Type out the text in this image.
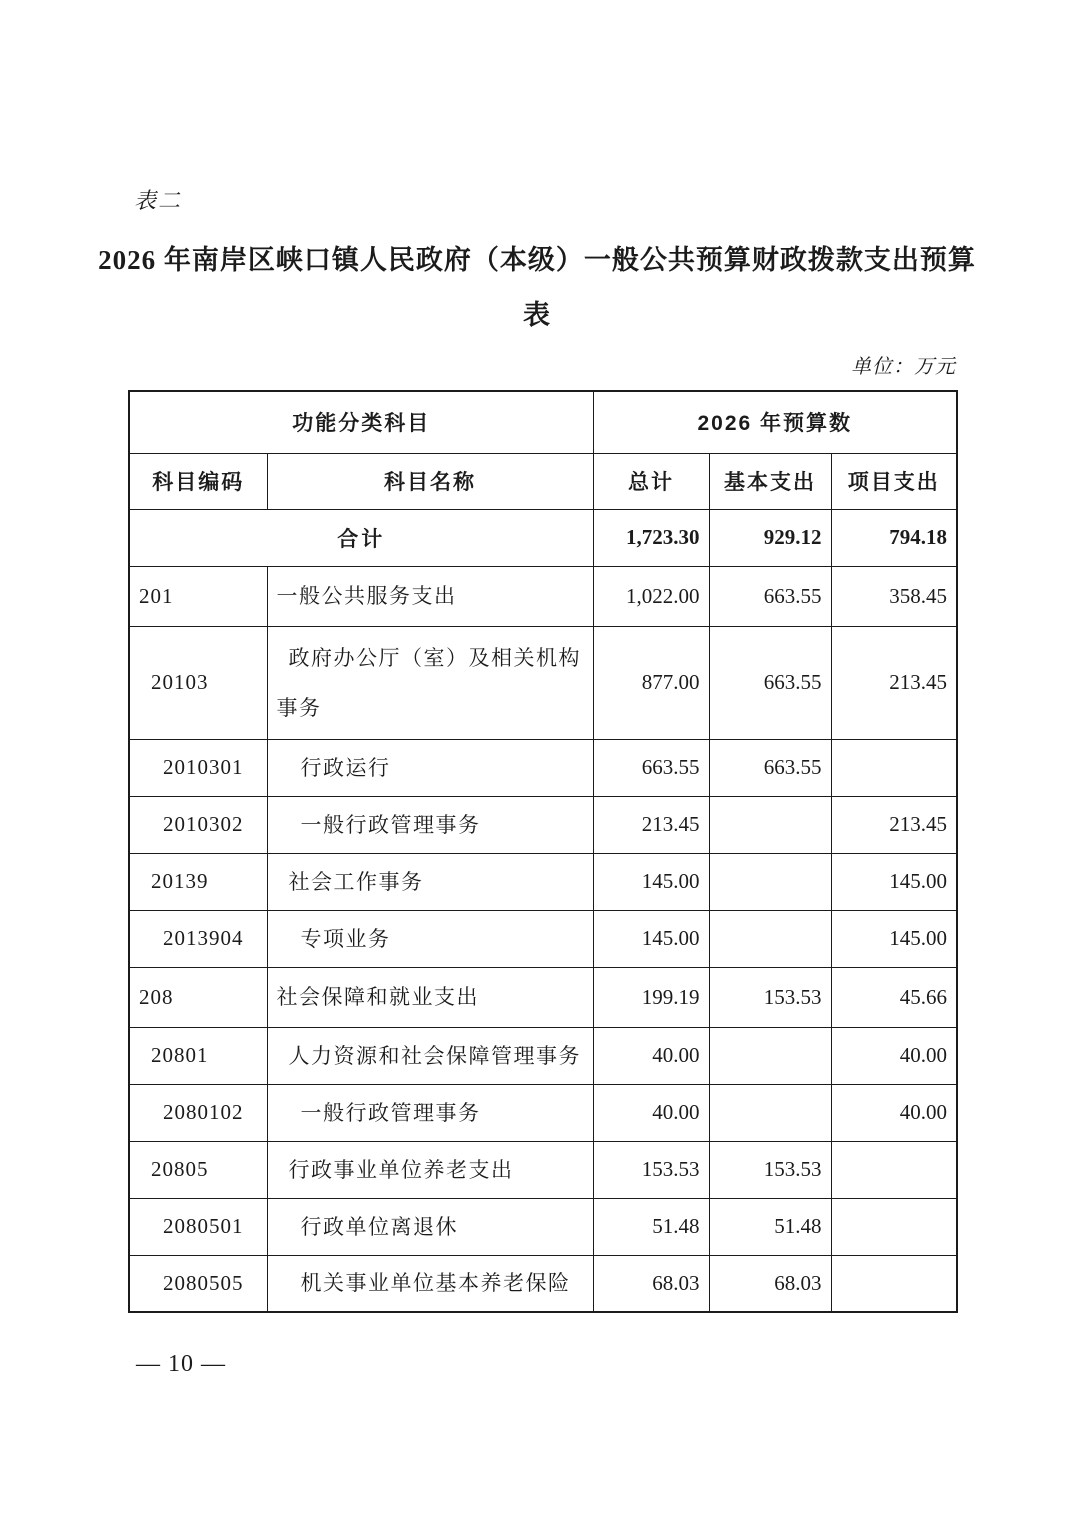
表二
2026 年南岸区峡口镇人民政府（本级）一般公共预算财政拨款支出预算
表
单位：万元
功能分类科目		2026 年预算数		
科目编码	科目名称	总计	基本支出	项目支出
合计		1,723.30	929.12	794.18
201	一般公共服务支出	1,022.00	663.55	358.45
20103	政府办公厅（室）及相关机构事务	877.00	663.55	213.45
2010301	行政运行	663.55	663.55	
2010302	一般行政管理事务	213.45		213.45
20139	社会工作事务	145.00		145.00
2013904	专项业务	145.00		145.00
208	社会保障和就业支出	199.19	153.53	45.66
20801	人力资源和社会保障管理事务	40.00		40.00
2080102	一般行政管理事务	40.00		40.00
20805	行政事业单位养老支出	153.53	153.53	
2080501	行政单位离退休	51.48	51.48	
2080505	机关事业单位基本养老保险	68.03	68.03	
— 10 —
